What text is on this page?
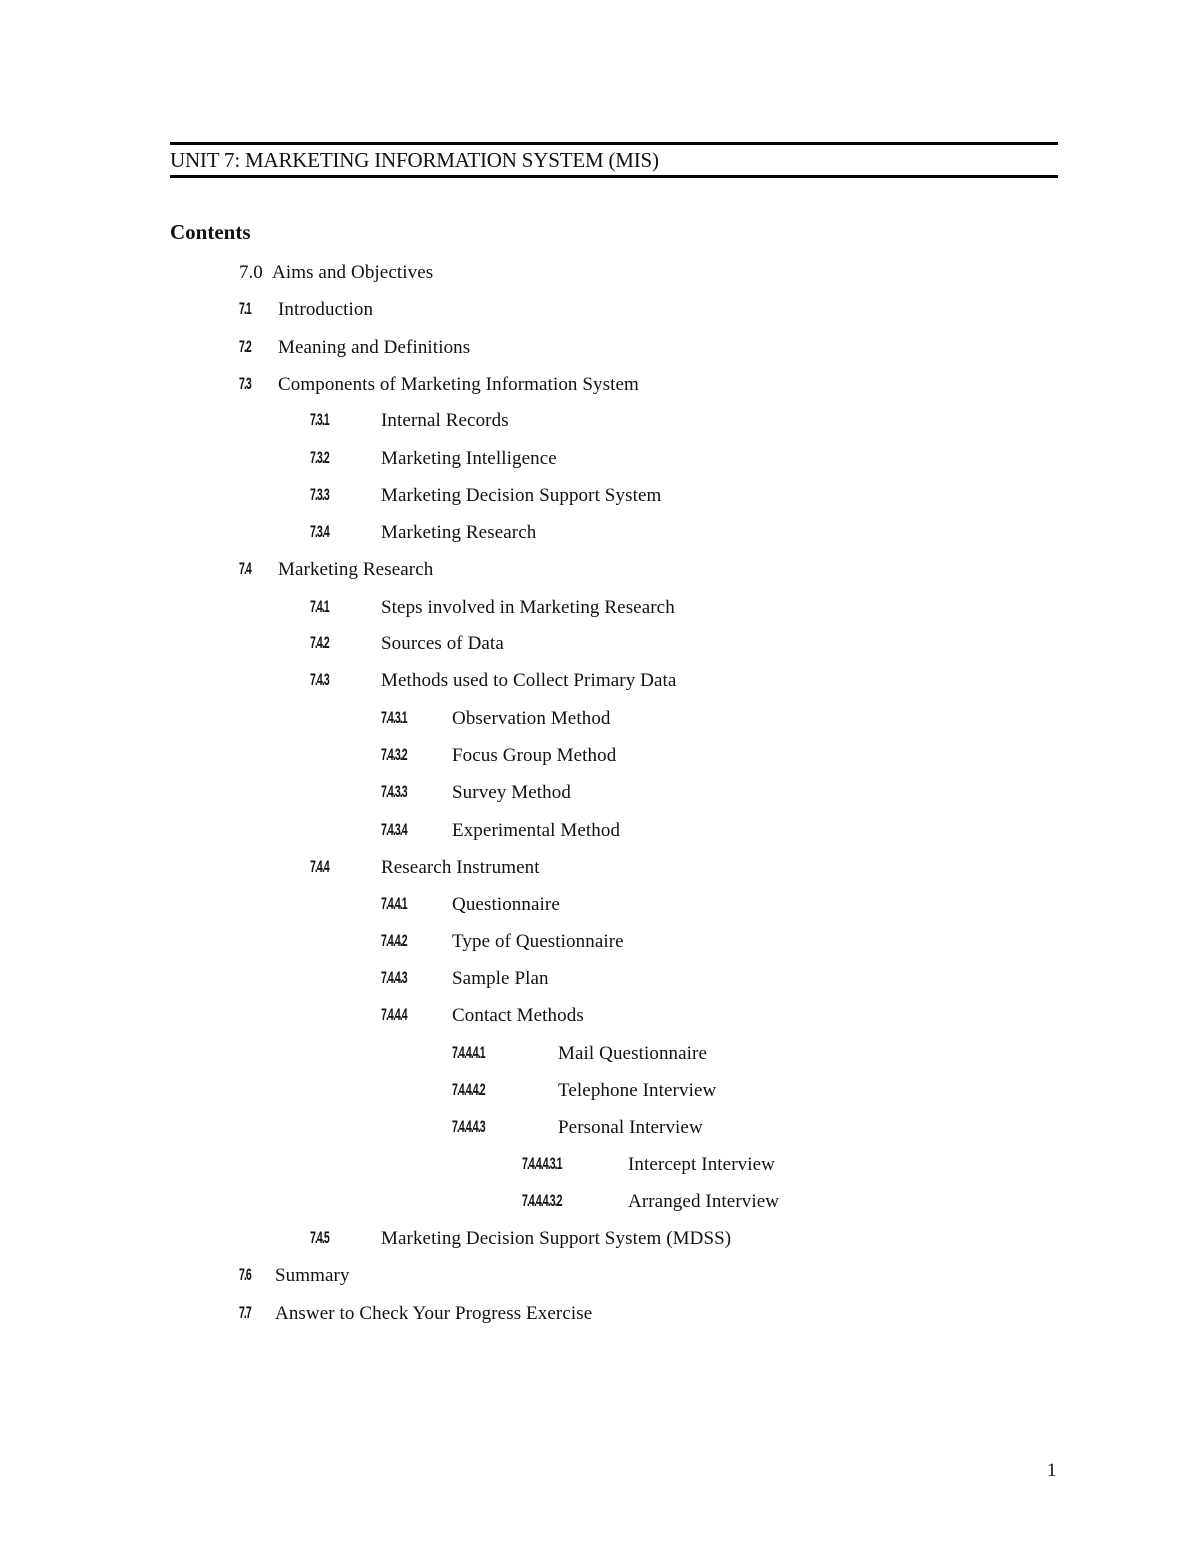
UNIT 7: MARKETING INFORMATION SYSTEM (MIS)
Contents
7.0 Aims and Objectives
7.1 Introduction
7.2 Meaning and Definitions
7.3 Components of Marketing Information System
7.3.1	Internal Records
7.3.2	Marketing Intelligence
7.3.3	Marketing Decision Support System
7.3.4	Marketing Research
7.4 Marketing Research
7.4.1	Steps involved in Marketing Research
7.4.2	Sources of Data
7.4.3	Methods used to Collect Primary Data
7.4.3.1 Observation Method
7.4.3.2 Focus Group Method
7.4.3.3 Survey Method
7.4.3.4 Experimental Method
7.4.4	Research Instrument
7.4.4.1 Questionnaire
7.4.4.2 Type of Questionnaire
7.4.4.3 Sample Plan
7.4.4.4 Contact Methods
7.4.4.4.1	Mail Questionnaire
7.4.4.4.2	Telephone Interview
7.4.4.4.3	Personal Interview
7.4.4.4.3.1	Intercept Interview
7.4.4.4.3.2	Arranged Interview
7.4.5	Marketing Decision Support System (MDSS)
7.6 Summary
7.7 Answer to Check Your Progress Exercise
1
